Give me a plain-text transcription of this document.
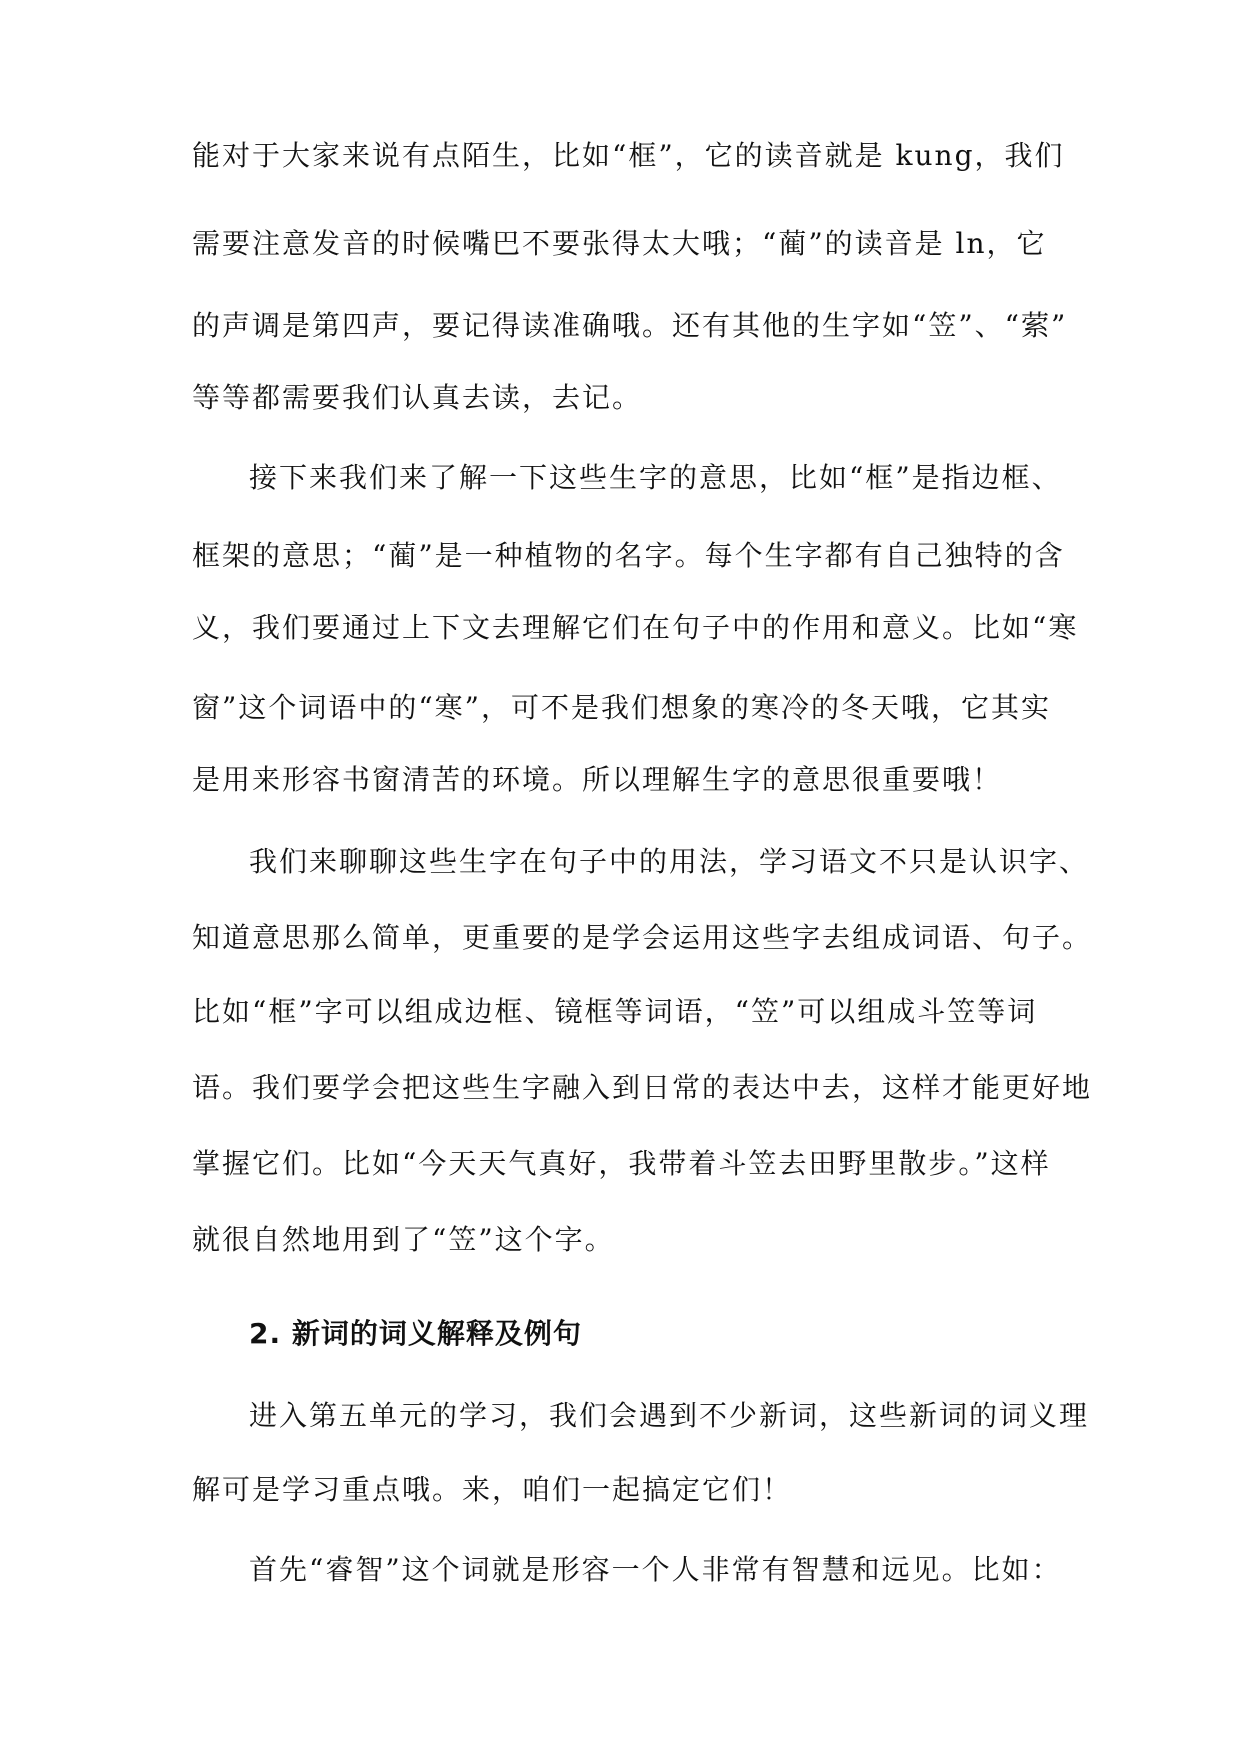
能对于大家来说有点陌生，比如“框”，它的读音就是 kung，我们

需要注意发音的时候嘴巴不要张得太大哦；“蔺”的读音是 ln，它

的声调是第四声，要记得读准确哦。还有其他的生字如“笠”、“萦”

等等都需要我们认真去读，去记。

接下来我们来了解一下这些生字的意思，比如“框”是指边框、

框架的意思；“蔺”是一种植物的名字。每个生字都有自己独特的含

义，我们要通过上下文去理解它们在句子中的作用和意义。比如“寒

窗”这个词语中的“寒”，可不是我们想象的寒冷的冬天哦，它其实

是用来形容书窗清苦的环境。所以理解生字的意思很重要哦！

我们来聊聊这些生字在句子中的用法，学习语文不只是认识字、

知道意思那么简单，更重要的是学会运用这些字去组成词语、句子。

比如“框”字可以组成边框、镜框等词语，“笠”可以组成斗笠等词

语。我们要学会把这些生字融入到日常的表达中去，这样才能更好地

掌握它们。比如“今天天气真好，我带着斗笠去田野里散步。”这样

就很自然地用到了“笠”这个字。

2. 新词的词义解释及例句

进入第五单元的学习，我们会遇到不少新词，这些新词的词义理

解可是学习重点哦。来，咱们一起搞定它们！

首先“睿智”这个词就是形容一个人非常有智慧和远见。比如：
